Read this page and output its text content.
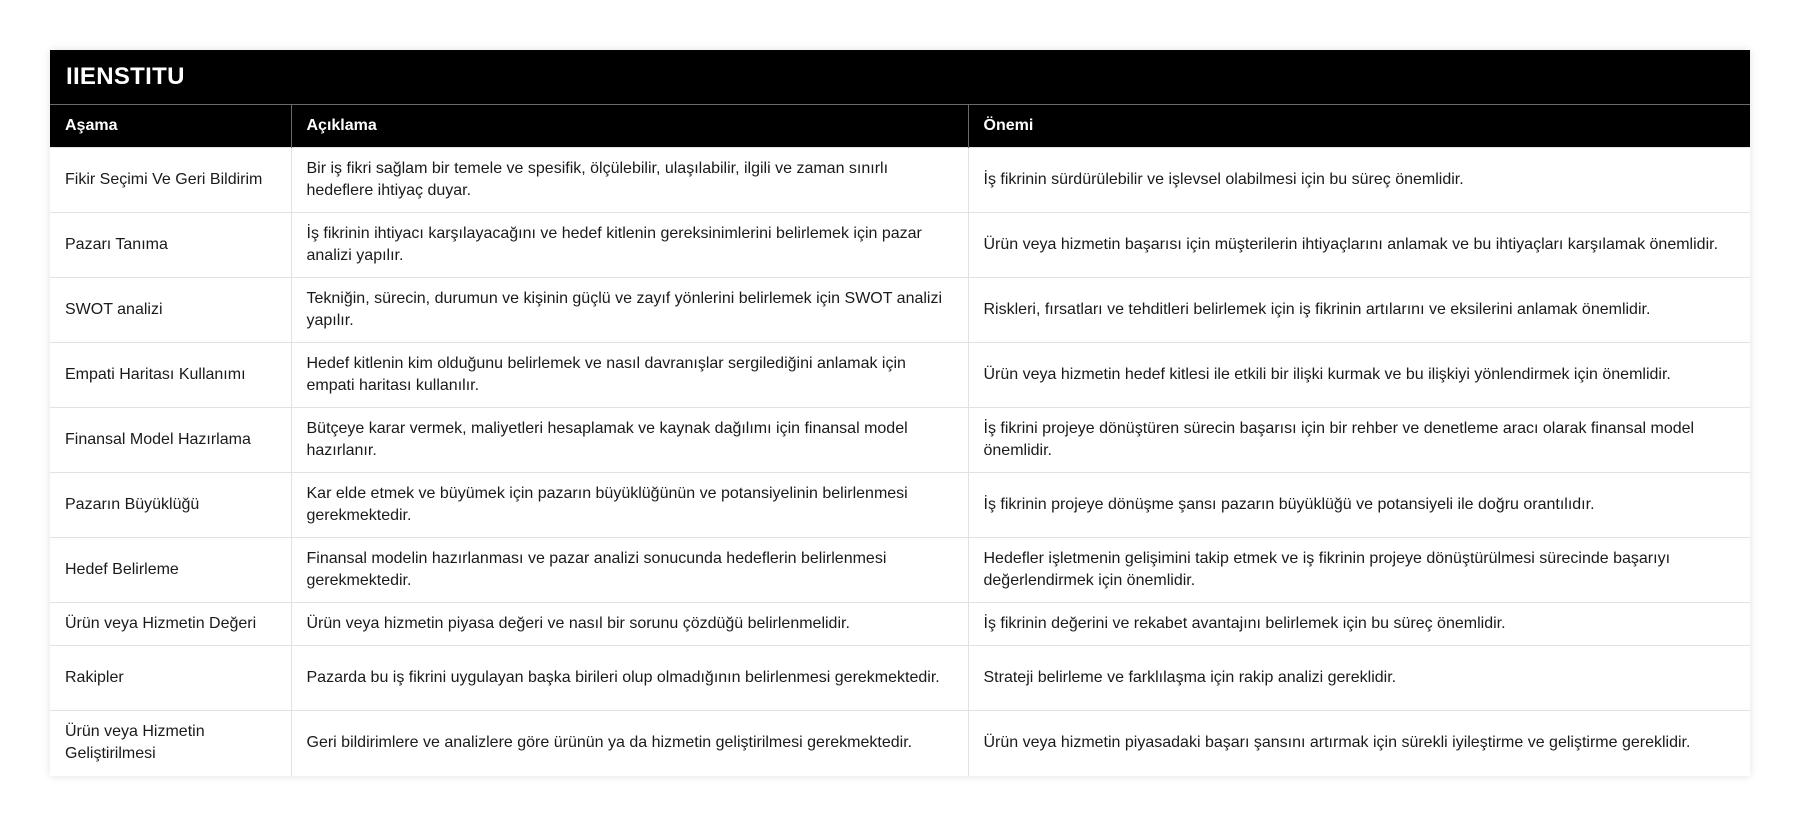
IIENSTITU
Aşama	Açıklama	Önemi
Fikir Seçimi Ve Geri Bildirim	Bir iş fikri sağlam bir temele ve spesifik, ölçülebilir, ulaşılabilir, ilgili ve zaman sınırlı hedeflere ihtiyaç duyar.	İş fikrinin sürdürülebilir ve işlevsel olabilmesi için bu süreç önemlidir.
Pazarı Tanıma	İş fikrinin ihtiyacı karşılayacağını ve hedef kitlenin gereksinimlerini belirlemek için pazar analizi yapılır.	Ürün veya hizmetin başarısı için müşterilerin ihtiyaçlarını anlamak ve bu ihtiyaçları karşılamak önemlidir.
SWOT analizi	Tekniğin, sürecin, durumun ve kişinin güçlü ve zayıf yönlerini belirlemek için SWOT analizi yapılır.	Riskleri, fırsatları ve tehditleri belirlemek için iş fikrinin artılarını ve eksilerini anlamak önemlidir.
Empati Haritası Kullanımı	Hedef kitlenin kim olduğunu belirlemek ve nasıl davranışlar sergilediğini anlamak için empati haritası kullanılır.	Ürün veya hizmetin hedef kitlesi ile etkili bir ilişki kurmak ve bu ilişkiyi yönlendirmek için önemlidir.
Finansal Model Hazırlama	Bütçeye karar vermek, maliyetleri hesaplamak ve kaynak dağılımı için finansal model hazırlanır.	İş fikrini projeye dönüştüren sürecin başarısı için bir rehber ve denetleme aracı olarak finansal model önemlidir.
Pazarın Büyüklüğü	Kar elde etmek ve büyümek için pazarın büyüklüğünün ve potansiyelinin belirlenmesi gerekmektedir.	İş fikrinin projeye dönüşme şansı pazarın büyüklüğü ve potansiyeli ile doğru orantılıdır.
Hedef Belirleme	Finansal modelin hazırlanması ve pazar analizi sonucunda hedeflerin belirlenmesi gerekmektedir.	Hedefler işletmenin gelişimini takip etmek ve iş fikrinin projeye dönüştürülmesi sürecinde başarıyı değerlendirmek için önemlidir.
Ürün veya Hizmetin Değeri	Ürün veya hizmetin piyasa değeri ve nasıl bir sorunu çözdüğü belirlenmelidir.	İş fikrinin değerini ve rekabet avantajını belirlemek için bu süreç önemlidir.
Rakipler	Pazarda bu iş fikrini uygulayan başka birileri olup olmadığının belirlenmesi gerekmektedir.	Strateji belirleme ve farklılaşma için rakip analizi gereklidir.
Ürün veya Hizmetin Geliştirilmesi	Geri bildirimlere ve analizlere göre ürünün ya da hizmetin geliştirilmesi gerekmektedir.	Ürün veya hizmetin piyasadaki başarı şansını artırmak için sürekli iyileştirme ve geliştirme gereklidir.
